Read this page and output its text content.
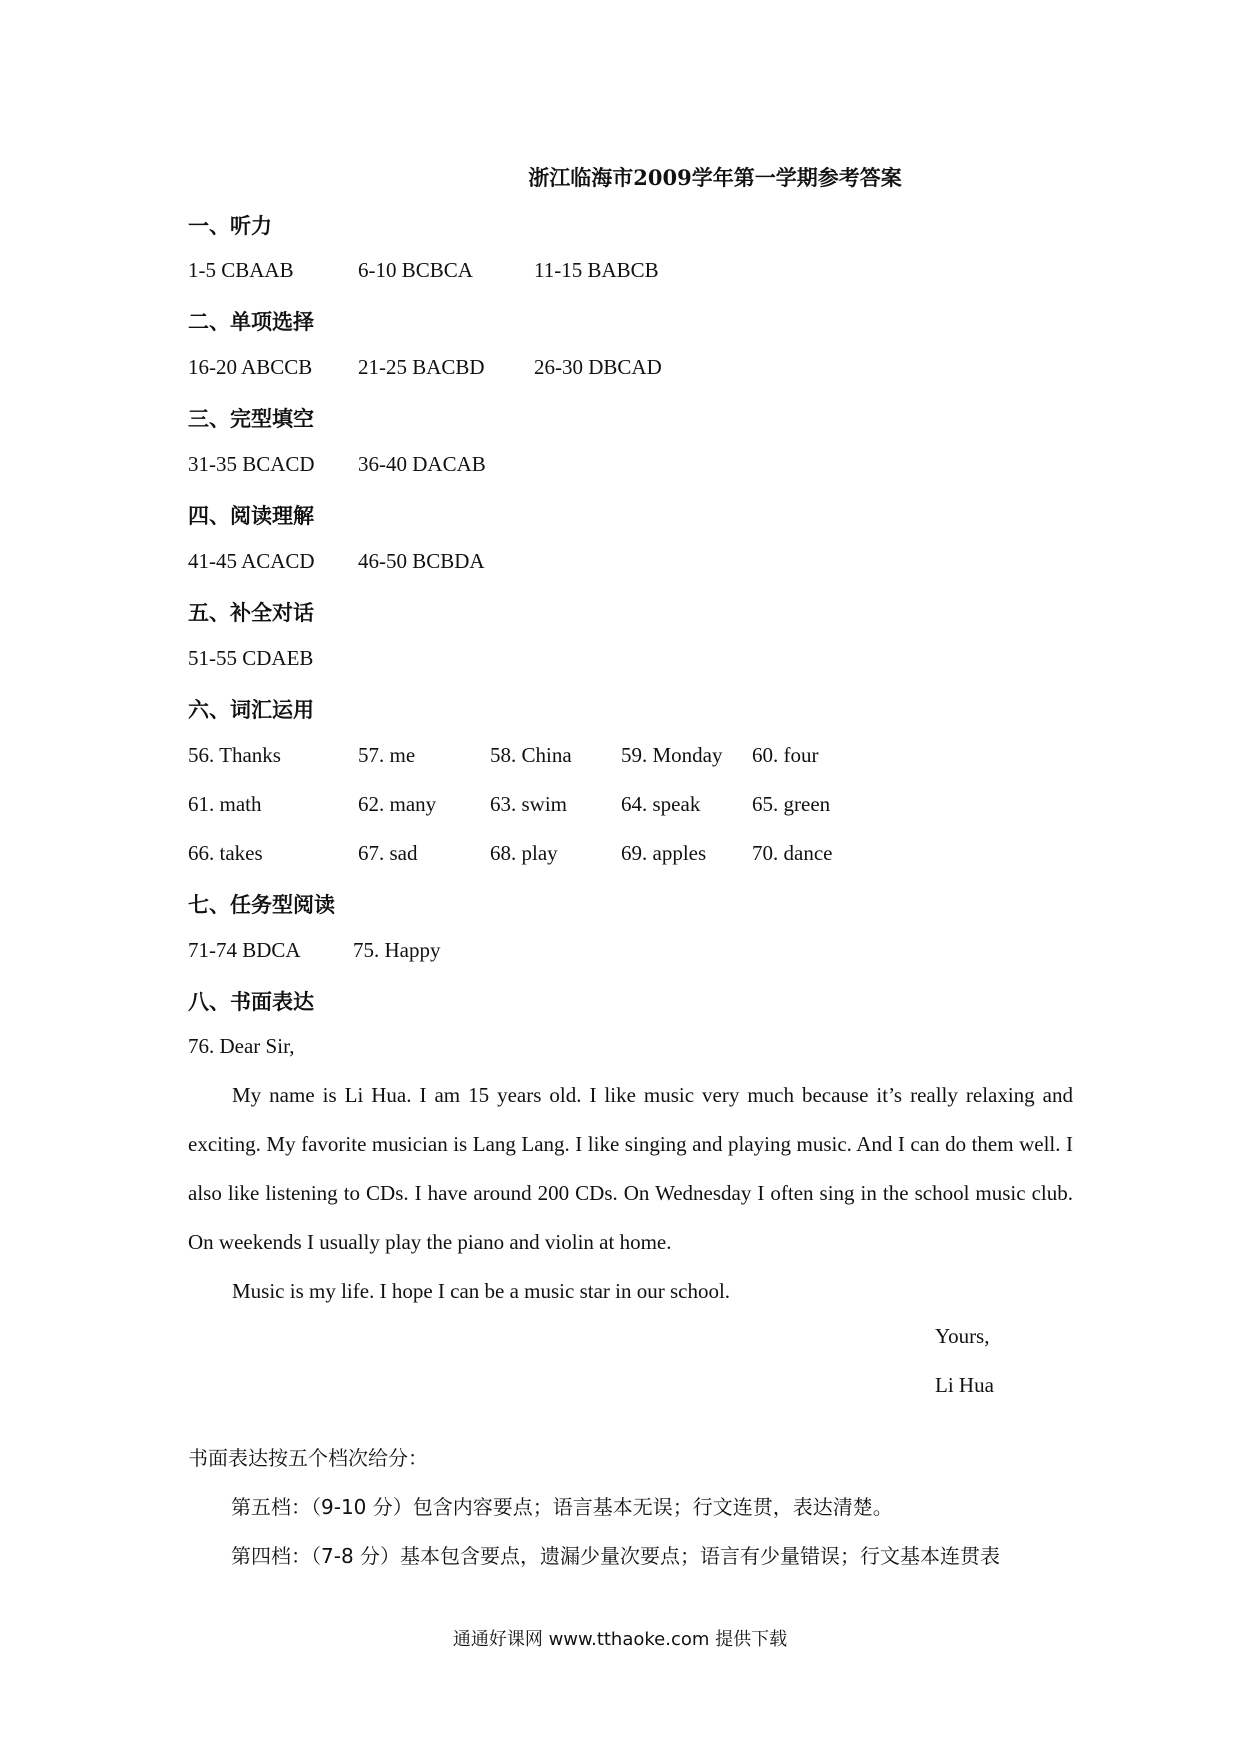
浙江临海市2009学年第一学期参考答案

一、听力

1-5 CBAAB	6-10 BCBCA	11-15 BABCB

二、单项选择

16-20 ABCCB 21-25 BACBD 26-30 DBCAD

三、完型填空

31-35 BCACD 36-40 DACAB

四、阅读理解

41-45 ACACD 46-50 BCBDA

五、补全对话

51-55 CDAEB

六、词汇运用

56. Thanks	57. me	58. China 59. Monday 60. four
61. math	62. many	63. swim	64. speak 65. green
66. takes	67. sad	68. play	69. apples 70. dance

七、任务型阅读

71-74 BDCA 75. Happy

八、书面表达

76. Dear Sir,

My name is Li Hua. I am 15 years old. I like music very much because it’s really relaxing and exciting. My favorite musician is Lang Lang. I like singing and playing music. And I can do them well. I also like listening to CDs. I have around 200 CDs. On Wednesday I often sing in the school music club. On weekends I usually play the piano and violin at home.

Music is my life. I hope I can be a music star in our school.

Yours,
Li Hua

书面表达按五个档次给分：

第五档：（9-10 分）包含内容要点；语言基本无误；行文连贯，表达清楚。

第四档：（7-8 分）基本包含要点，遗漏少量次要点；语言有少量错误；行文基本连贯表

通通好课网 www.tthaoke.com 提供下载
